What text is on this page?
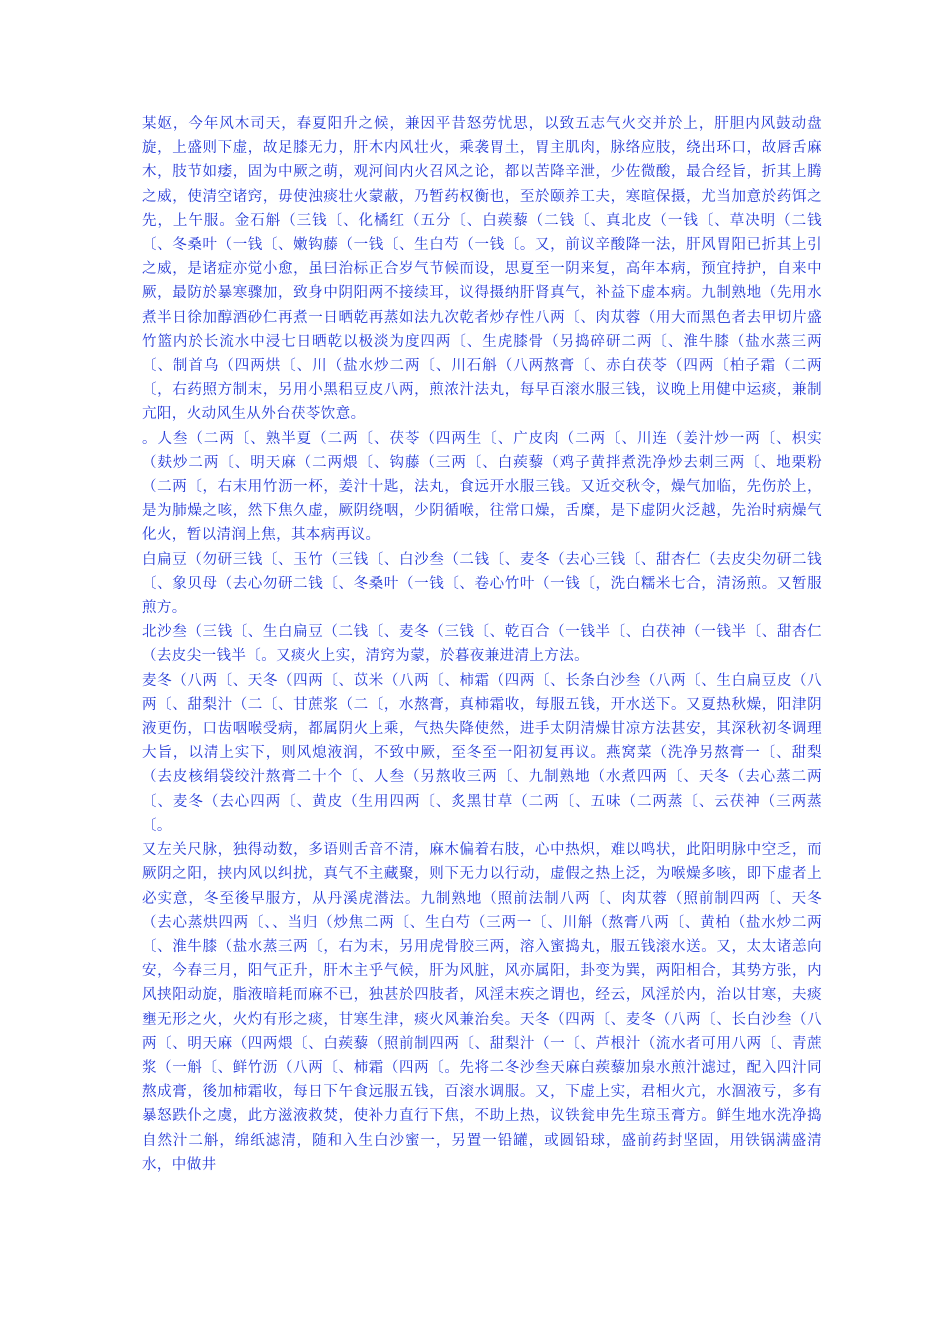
某妪，今年风木司天，春夏阳升之候，兼因平昔怒劳忧思，以致五志气火交并於上，肝胆内风鼓动盘旋，上盛则下虚，故足膝无力，肝木内风壮火，乘袭胃土，胃主肌肉，脉络应肢，绕出环口，故唇舌麻木，肢节如痿，固为中厥之萌，观河间内火召风之论，都以苦降辛泄，少佐微酸，最合经旨，折其上腾之威，使清空诸窍，毋使浊痰壮火蒙蔽，乃暂药权衡也，至於颐养工夫，寒暄保摄，尤当加意於药饵之先，上午服。金石斛（三钱〔、化橘红（五分〔、白蒺藜（二钱〔、真北皮（一钱〔、草决明（二钱〔、冬桑叶（一钱〔、嫩钩藤（一钱〔、生白芍（一钱〔。又，前议辛酸降一法，肝风胃阳已折其上引之威，是诸症亦觉小愈，虽曰治标正合岁气节候而设，思夏至一阴来复，高年本病，预宜持护，自来中厥，最防於暴寒骤加，致身中阴阳两不接续耳，议得摄纳肝肾真气，补益下虚本病。九制熟地（先用水煮半日徐加醇酒砂仁再煮一日晒乾再蒸如法九次乾者炒存性八两〔、肉苁蓉（用大而黑色者去甲切片盛竹篮内於长流水中浸七日晒乾以极淡为度四两〔、生虎膝骨（另捣碎研二两〔、淮牛膝（盐水蒸三两〔、制首乌（四两烘〔、川（盐水炒二两〔、川石斛（八两熬膏〔、赤白茯苓（四两〔柏子霜（二两〔，右药照方制末，另用小黑稆豆皮八两，煎浓汁法丸，每早百滚水服三钱，议晚上用健中运痰，兼制亢阳，火动风生从外台茯苓饮意。

。人叁（二两〔、熟半夏（二两〔、茯苓（四两生〔、广皮肉（二两〔、川连（姜汁炒一两〔、枳实（麸炒二两〔、明天麻（二两煨〔、钩藤（三两〔、白蒺藜（鸡子黄拌煮洗净炒去刺三两〔、地栗粉（二两〔，右末用竹沥一杯，姜汁十匙，法丸，食远开水服三钱。又近交秋令，燥气加临，先伤於上，是为肺燥之咳，然下焦久虚，厥阴绕咽，少阴循喉，往常口燥，舌糜，是下虚阴火泛越，先治时病燥气化火，暂以清润上焦，其本病再议。

白扁豆（勿研三钱〔、玉竹（三钱〔、白沙叁（二钱〔、麦冬（去心三钱〔、甜杏仁（去皮尖勿研二钱〔、象贝母（去心勿研二钱〔、冬桑叶（一钱〔、卷心竹叶（一钱〔，洗白糯米七合，清汤煎。又暂服煎方。

北沙叁（三钱〔、生白扁豆（二钱〔、麦冬（三钱〔、乾百合（一钱半〔、白茯神（一钱半〔、甜杏仁（去皮尖一钱半〔。又痰火上实，清窍为蒙，於暮夜兼进清上方法。

麦冬（八两〔、天冬（四两〔、苡米（八两〔、柿霜（四两〔、长条白沙叁（八两〔、生白扁豆皮（八两〔、甜梨汁（二〔、甘蔗浆（二〔，水熬膏，真柿霜收，每服五钱，开水送下。又夏热秋燥，阳津阴液更伤，口齿咽喉受病，都属阴火上乘，气热失降使然，进手太阴清燥甘凉方法甚安，其深秋初冬调理大旨，以清上实下，则风熄液润，不致中厥，至冬至一阳初复再议。燕窝菜（洗净另熬膏一〔、甜梨（去皮核绢袋绞汁熬膏二十个〔、人叁（另熬收三两〔、九制熟地（水煮四两〔、天冬（去心蒸二两〔、麦冬（去心四两〔、黄皮（生用四两〔、炙黑甘草（二两〔、五味（二两蒸〔、云茯神（三两蒸〔。

又左关尺脉，独得动数，多语则舌音不清，麻木偏着右肢，心中热炽，难以鸣状，此阳明脉中空乏，而厥阴之阳，挟内风以纠扰，真气不主藏聚，则下无力以行动，虚假之热上泛，为喉燥多咳，即下虚者上必实意，冬至後早服方，从丹溪虎潜法。九制熟地（照前法制八两〔、肉苁蓉（照前制四两〔、天冬（去心蒸烘四两〔、、当归（炒焦二两〔、生白芍（三两一〔、川斛（熬膏八两〔、黄柏（盐水炒二两〔、淮牛膝（盐水蒸三两〔，右为末，另用虎骨胶三两，溶入蜜捣丸，服五钱滚水送。又，太太诸恙向安，今春三月，阳气正升，肝木主乎气候，肝为风脏，风亦属阳，卦变为巽，两阳相合，其势方张，内风挟阳动旋，脂液暗耗而麻不已，独甚於四肢者，风淫末疾之谓也，经云，风淫於内，治以甘寒，夫痰壅无形之火，火灼有形之痰，甘寒生津，痰火风兼治矣。天冬（四两〔、麦冬（八两〔、长白沙叁（八两〔、明天麻（四两煨〔、白蒺藜（照前制四两〔、甜梨汁（一〔、芦根汁（流水者可用八两〔、青蔗浆（一斛〔、鲜竹沥（八两〔、柿霜（四两〔。先将二冬沙叁天麻白蒺藜加泉水煎汁滤过，配入四汁同熬成膏，後加柿霜收，每日下午食远服五钱，百滚水调服。又，下虚上实，君相火亢，水涸液亏，多有暴怒跌仆之虞，此方滋液救焚，使补力直行下焦，不助上热，议铁瓮申先生琼玉膏方。鲜生地水洗净捣自然汁二斛，绵纸滤清，随和入生白沙蜜一，另置一铅罐，或圆铅球，盛前药封坚固，用铁锅满盛清水，中做井
